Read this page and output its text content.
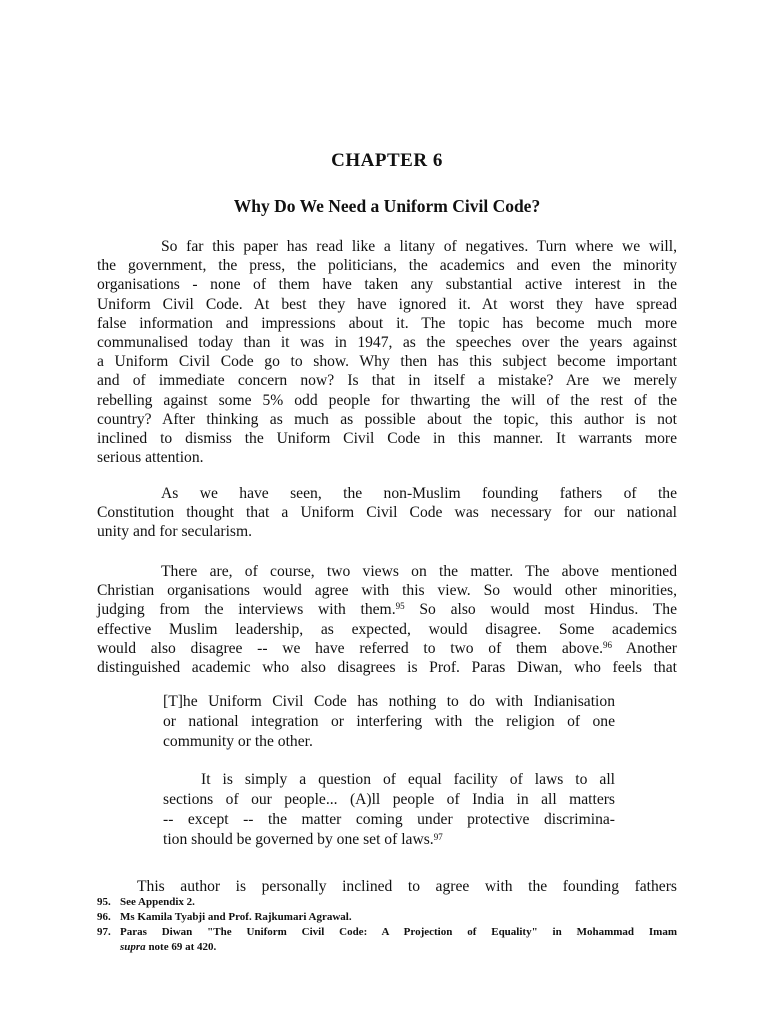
CHAPTER 6
Why Do We Need a Uniform Civil Code?
So far this paper has read like a litany of negatives. Turn where we will,
the government, the press, the politicians, the academics and even the minority
organisations - none of them have taken any substantial active interest in the
Uniform Civil Code. At best they have ignored it. At worst they have spread
false information and impressions about it. The topic has become much more
communalised today than it was in 1947, as the speeches over the years against
a Uniform Civil Code go to show. Why then has this subject become important
and of immediate concern now? Is that in itself a mistake? Are we merely
rebelling against some 5% odd people for thwarting the will of the rest of the
country? After thinking as much as possible about the topic, this author is not
inclined to dismiss the Uniform Civil Code in this manner. It warrants more
serious attention.
As we have seen, the non-Muslim founding fathers of the
Constitution thought that a Uniform Civil Code was necessary for our national
unity and for secularism.
There are, of course, two views on the matter. The above mentioned
Christian organisations would agree with this view. So would other minorities,
judging from the interviews with them.$^{95}$ So also would most Hindus. The
effective Muslim leadership, as expected, would disagree. Some academics
would also disagree -- we have referred to two of them above.$^{96}$ Another
distinguished academic who also disagrees is Prof. Paras Diwan, who feels that
[T]he Uniform Civil Code has nothing to do with Indianisation
or national integration or interfering with the religion of one
community or the other.
It is simply a question of equal facility of laws to all
sections of our people... (A)ll people of India in all matters
-- except -- the matter coming under protective discrimina-
tion should be governed by one set of laws.$^{97}$
This author is personally inclined to agree with the founding fathers
95. See Appendix 2.
96. Ms Kamila Tyabji and Prof. Rajkumari Agrawal.
97. Paras Diwan "The Uniform Civil Code: A Projection of Equality" in Mohammad Imam
supra note 69 at 420.
